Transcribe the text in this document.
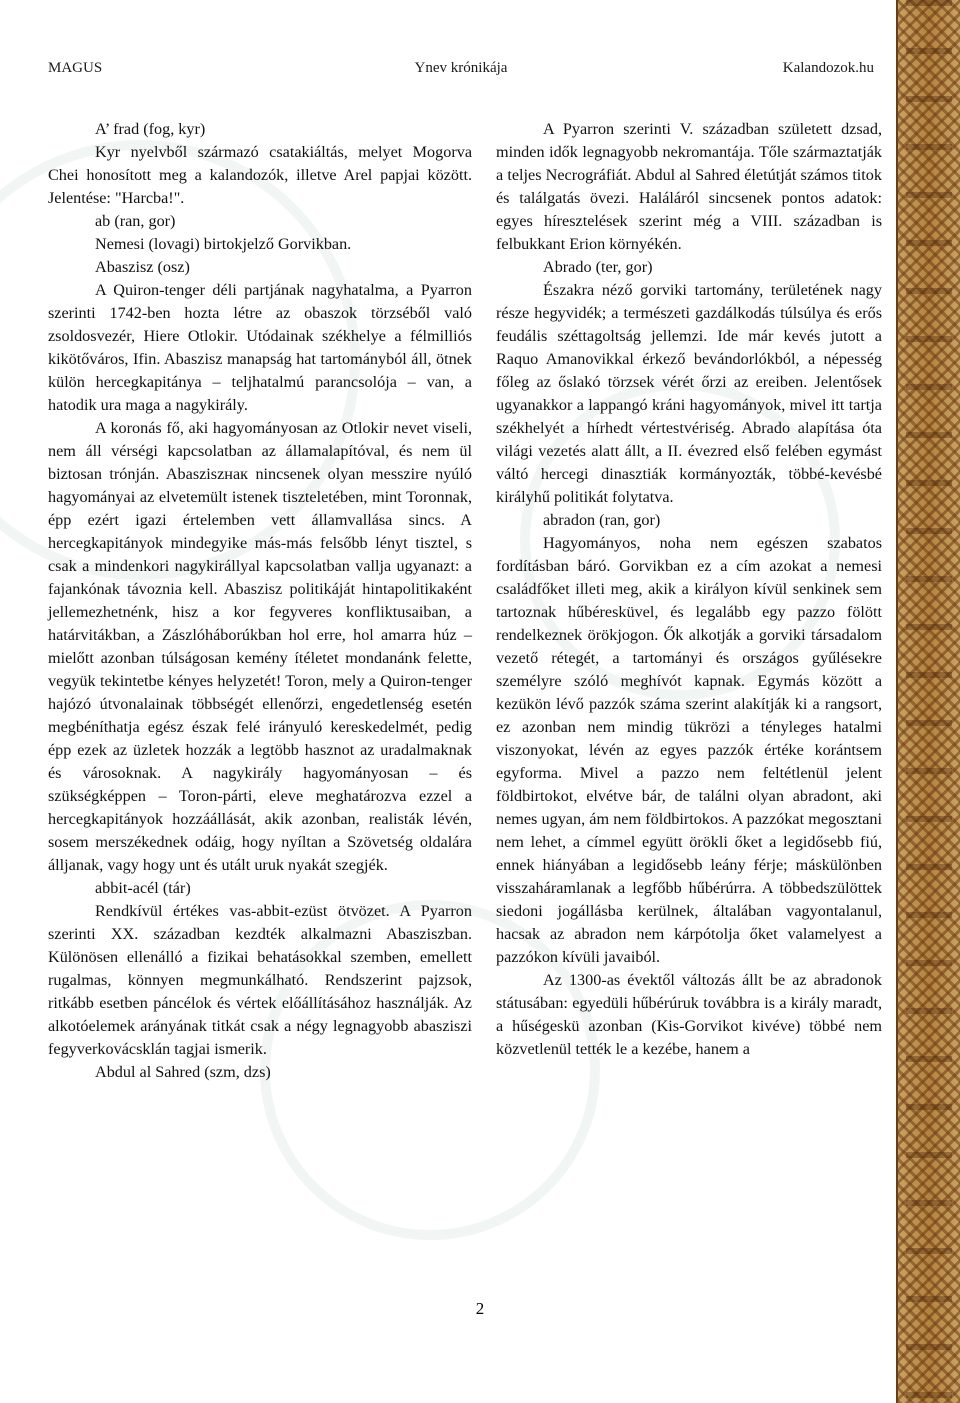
Ynev krónikája
MAGUS	Kalandozok.hu

A’ frad (fog, kyr)

Kyr nyelvből származó csatakiáltás, melyet Mogorva Chei honosított meg a kalandozók, illetve Arel papjai között. Jelentése: "Harcba!".

ab (ran, gor)

Nemesi (lovagi) birtokjelző Gorvikban.

Abaszisz (osz)

A Quiron-tenger déli partjának nagyhatalma, a Pyarron szerinti 1742-ben hozta létre az obaszok törzséből való zsoldosvezér, Hiere Otlokir. Utódainak székhelye a félmilliós kikötőváros, Ifin. Abaszisz manapság hat tartományból áll, ötnek külön hercegkapitánya – teljhatalmú parancsolója – van, a hatodik ura maga a nagykirály.

A koronás fő, aki hagyományosan az Otlokir nevet viseli, nem áll vérségi kapcsolatban az államalapítóval, és nem ül biztosan trónján. Abasziszнак nincsenek olyan messzire nyúló hagyományai az elvetemült istenek tiszteletében, mint Toronnak, épp ezért igazi értelemben vett államvallása sincs. A hercegkapitányok mindegyike más-más felsőbb lényt tisztel, s csak a mindenkori nagykirállyal kapcsolatban vallja ugyanazt: a fajankónak távoznia kell. Abaszisz politikáját hintapolitikaként jellemezhetnénk, hisz a kor fegyveres konfliktusaiban, a határvitákban, a Zászlóháborúkban hol erre, hol amarra húz – mielőtt azonban túlságosan kemény ítéletet mondanánk felette, vegyük tekintetbe kényes helyzetét! Toron, mely a Quiron-tenger hajózó útvonalainak többségét ellenőrzi, engedetlenség esetén megbéníthatja egész észak felé irányuló kereskedelmét, pedig épp ezek az üzletek hozzák a legtöbb hasznot az uradalmaknak és városoknak. A nagykirály hagyományosan – és szükségképpen – Toron-párti, eleve meghatározva ezzel a hercegkapitányok hozzáállását, akik azonban, realisták lévén, sosem merszékednek odáig, hogy nyíltan a Szövetség oldalára álljanak, vagy hogy unt és utált uruk nyakát szegjék.

abbit-acél (tár)

Rendkívül értékes vas-abbit-ezüst ötvözet. A Pyarron szerinti XX. században kezdték alkalmazni Abasziszban. Különösen ellenálló a fizikai behatásokkal szemben, emellett rugalmas, könnyen megmunkálható. Rendszerint pajzsok, ritkább esetben páncélok és vértek előállításához használják. Az alkotóelemek arányának titkát csak a négy legnagyobb abasziszi fegyverkovácsklán tagjai ismerik.

Abdul al Sahred (szm, dzs)

A Pyarron szerinti V. században született dzsad, minden idők legnagyobb nekromantája. Tőle származtatják a teljes Necrográfiát. Abdul al Sahred életútját számos titok és találgatás övezi. Haláláról sincsenek pontos adatok: egyes híresztelések szerint még a VIII. században is felbukkant Erion környékén.

Abrado (ter, gor)

Északra néző gorviki tartomány, területének nagy része hegyvidék; a természeti gazdálkodás túlsúlya és erős feudális széttagoltság jellemzi. Ide már kevés jutott a Raquo Amanovikkal érkező bevándorlókból, a népesség főleg az őslakó törzsek vérét őrzi az ereiben. Jelentősek ugyanakkor a lappangó kráni hagyományok, mivel itt tartja székhelyét a hírhedt vértestvériség. Abrado alapítása óta világi vezetés alatt állt, a II. évezred első felében egymást váltó hercegi dinasztiák kormányozták, többé-kevésbé királyhű politikát folytatva.

abradon (ran, gor)

Hagyományos, noha nem egészen szabatos fordításban báró. Gorvikban ez a cím azokat a nemesi családfőket illeti meg, akik a királyon kívül senkinek sem tartoznak hűbéresküvel, és legalább egy pazzo fölött rendelkeznek örökjogon. Ők alkotják a gorviki társadalom vezető rétegét, a tartományi és országos gyűlésekre személyre szóló meghívót kapnak. Egymás között a kezükön lévő pazzók száma szerint alakítják ki a rangsort, ez azonban nem mindig tükrözi a tényleges hatalmi viszonyokat, lévén az egyes pazzók értéke korántsem egyforma. Mivel a pazzo nem feltétlenül jelent földbirtokot, elvétve bár, de találni olyan abradont, aki nemes ugyan, ám nem földbirtokos. A pazzókat megosztani nem lehet, a címmel együtt örökli őket a legidősebb fiú, ennek hiányában a legidősebb leány férje; máskülönben visszaháramlanak a legfőbb hűbérúrra. A többedszülöttek siedoni jogállásba kerülnek, általában vagyontalanul, hacsak az abradon nem kárpótolja őket valamelyest a pazzókon kívüli javaiból.

Az 1300-as évektől változás állt be az abradonok státusában: egyedüli hűbérúruk továbbra is a király maradt, a hűségeskü azonban (Kis-Gorvikot kivéve) többé nem közvetlenül tették le a kezébe, hanem a

2
